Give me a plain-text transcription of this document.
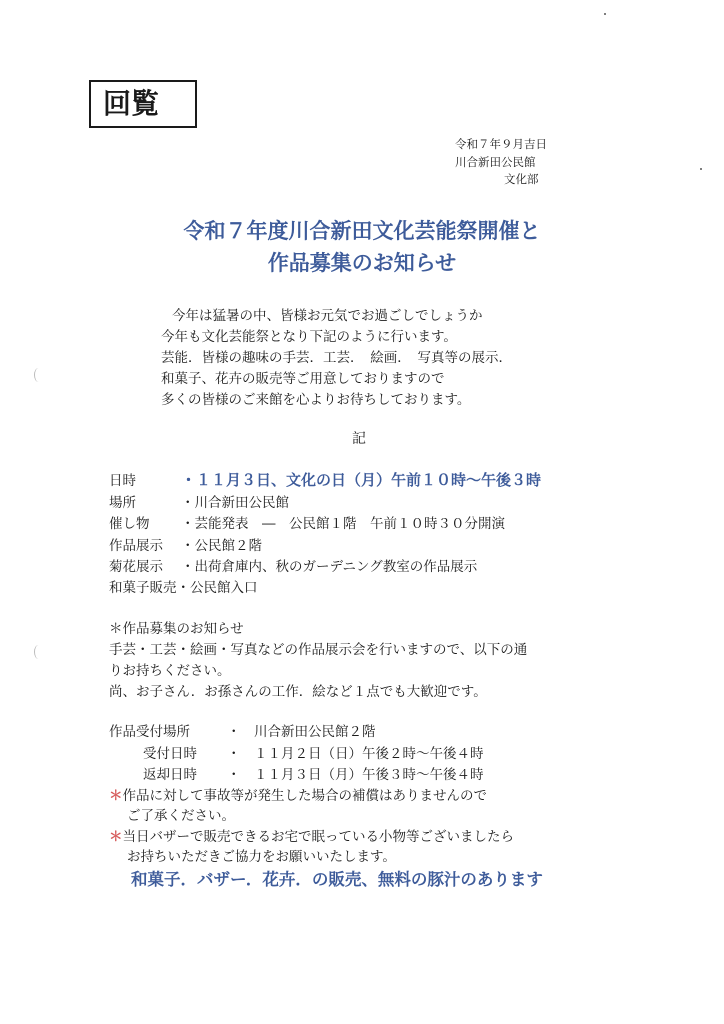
回覧
令和７年９月吉日
川合新田公民館
文化部
令和７年度川合新田文化芸能祭開催と
作品募集のお知らせ
今年は猛暑の中、皆様お元気でお過ごしでしょうか
今年も文化芸能祭となり下記のように行います。
芸能．皆様の趣味の手芸．工芸．　絵画．　写真等の展示．
和菓子、花卉の販売等ご用意しておりますので
多くの皆様のご来館を心よりお待ちしております。
記
日時	・１１月３日、文化の日（月）午前１０時～午後３時
場所	・川合新田公民館
催し物 ・芸能発表　―　公民館１階　午前１０時３０分開演
作品展示 ・公民館２階
菊花展示 ・出荷倉庫内、秋のガーデニング教室の作品展示
和菓子販売・公民館入口
＊作品募集のお知らせ
手芸・工芸・絵画・写真などの作品展示会を行いますので、以下の通
りお持ちください。
尚、お子さん．お孫さんの工作．絵など１点でも大歓迎です。
作品受付場所	・　川合新田公民館２階
受付日時 ・　１１月２日（日）午後２時～午後４時
返却日時 ・　１１月３日（月）午後３時～午後４時
＊作品に対して事故等が発生した場合の補償はありませんので
ご了承ください。
＊当日バザーで販売できるお宅で眠っている小物等ございましたら
お持ちいただきご協力をお願いいたします。
和菓子．バザー．花卉．の販売、無料の豚汁のあります
